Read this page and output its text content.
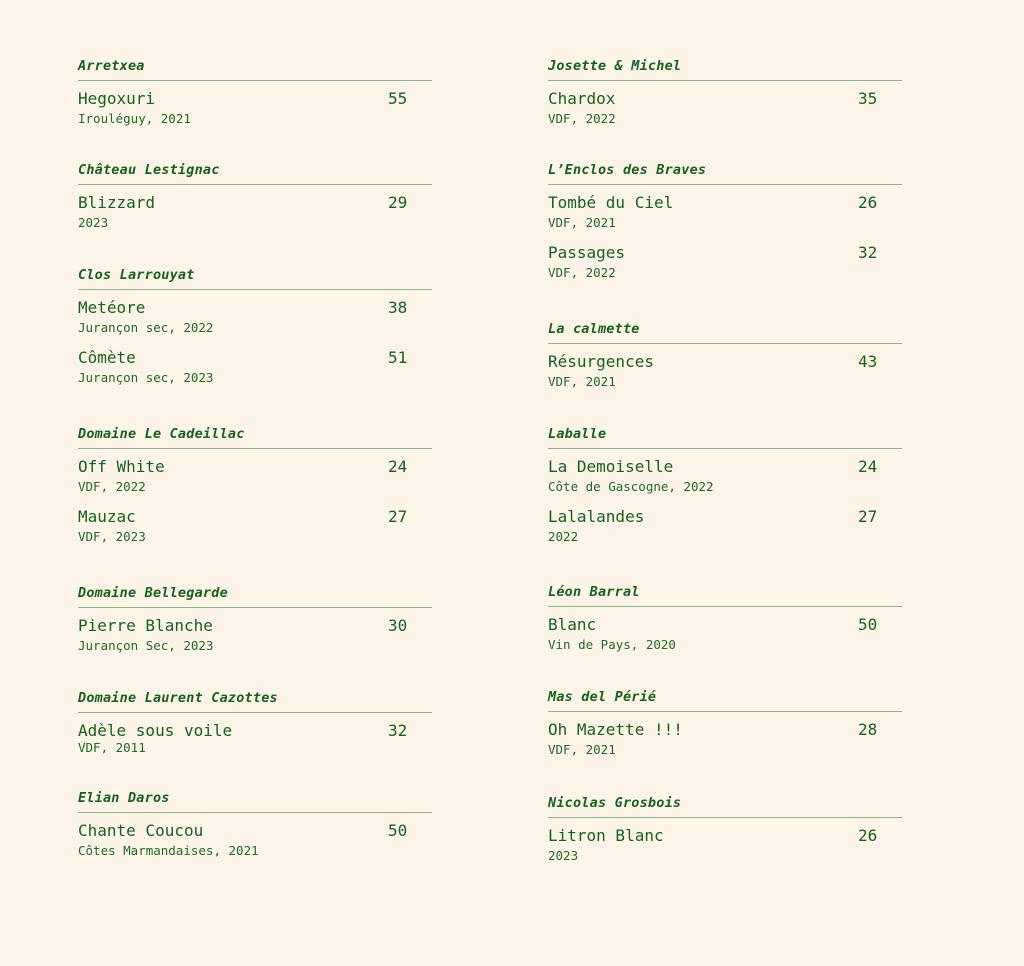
Arretxea
Hegoxuri	55
Irouléguy, 2021
Château Lestignac
Blizzard	29
2023
Clos Larrouyat
Metéore	38
Jurançon sec, 2022
Cômète	51
Jurançon sec, 2023
Domaine Le Cadeillac
Off White	24
VDF, 2022
Mauzac	27
VDF, 2023
Domaine Bellegarde
Pierre Blanche	30
Jurançon Sec, 2023
Domaine Laurent Cazottes
Adèle sous voile	32
VDF, 2011
Elian Daros
Chante Coucou	50
Côtes Marmandaises, 2021
Josette & Michel
Chardox	35
VDF, 2022
L’Enclos des Braves
Tombé du Ciel	26
VDF, 2021
Passages	32
VDF, 2022
La calmette
Résurgences	43
VDF, 2021
Laballe
La Demoiselle	24
Côte de Gascogne, 2022
Lalalandes	27
2022
Léon Barral
Blanc	50
Vin de Pays, 2020
Mas del Périé
Oh Mazette !!!	28
VDF, 2021
Nicolas Grosbois
Litron Blanc	26
2023
